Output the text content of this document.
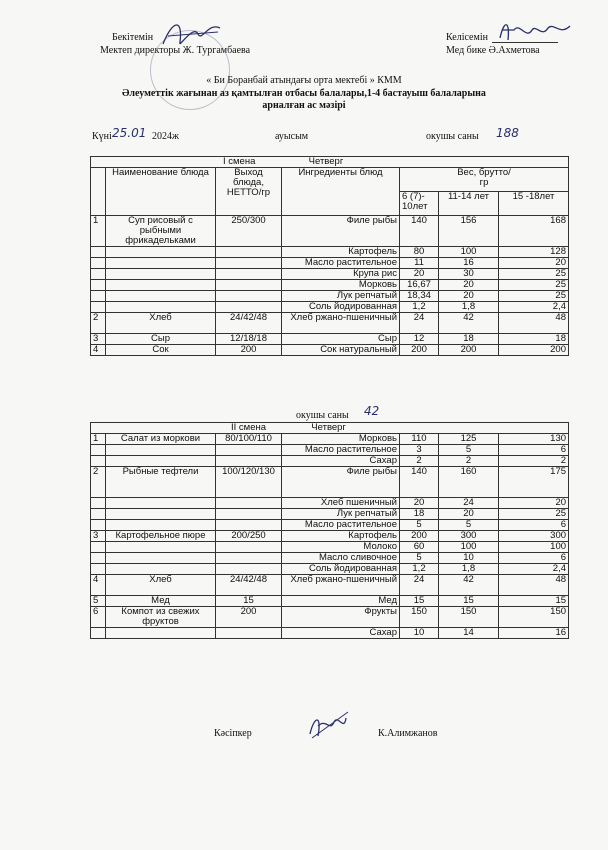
Бекітемін
Мектеп директоры Ж. Тургамбаева
Келісемін
Мед бике Ә.Ахметова
« Би Боранбай атындағы орта мектебі » КММ
Әлеуметтік жағынан аз қамтылған отбасы балалары,1-4 бастауыш балаларына
арналған ас мәзірі
Күні 25.01 2024ж	ауысым	окушы саны 188
I смена Четверг						
	Наименование блюда	Выход блюда, НЕТТО/гр	Ингредиенты блюд	Вес, брутто/гр		

				6 (7)- 10лет	11-14 лет	15 -18лет
1	Суп рисовый с рыбными фрикадельками	250/300	Филе рыбы	140	156	168
			Картофель	80	100	128
			Масло растительное	11	16	20
			Крупа рис	20	30	25
			Морковь	16,67	20	25
			Лук репчатый	18,34	20	25
			Соль йодированная	1,2	1,8	2,4
2	Хлеб	24/42/48	Хлеб ржано-пшеничный	24	42	48
3	Сыр	12/18/18	Сыр	12	18	18
4	Сок	200	Сок натуральный	200	200	200
окушы саны 42
II смена Четверг						
1	Салат из моркови	80/100/110	Морковь	110	125	130
			Масло растительное	3	5	6
			Сахар	2	2	2
2	Рыбные тефтели	100/120/130	Филе рыбы	140	160	175
			Хлеб пшеничный	20	24	20
			Лук репчатый	18	20	25
			Масло растительное	5	5	6
3	Картофельное пюре	200/250	Картофель	200	300	300
			Молоко	60	100	100
			Масло сливочное	5	10	6
			Соль йодированная	1,2	1,8	2,4
4	Хлеб	24/42/48	Хлеб ржано-пшеничный	24	42	48
5	Мед	15	Мед	15	15	15
6	Компот из свежих фруктов	200	Фрукты	150	150	150
			Сахар	10	14	16
Кәсіпкер	К.Алимжанов
